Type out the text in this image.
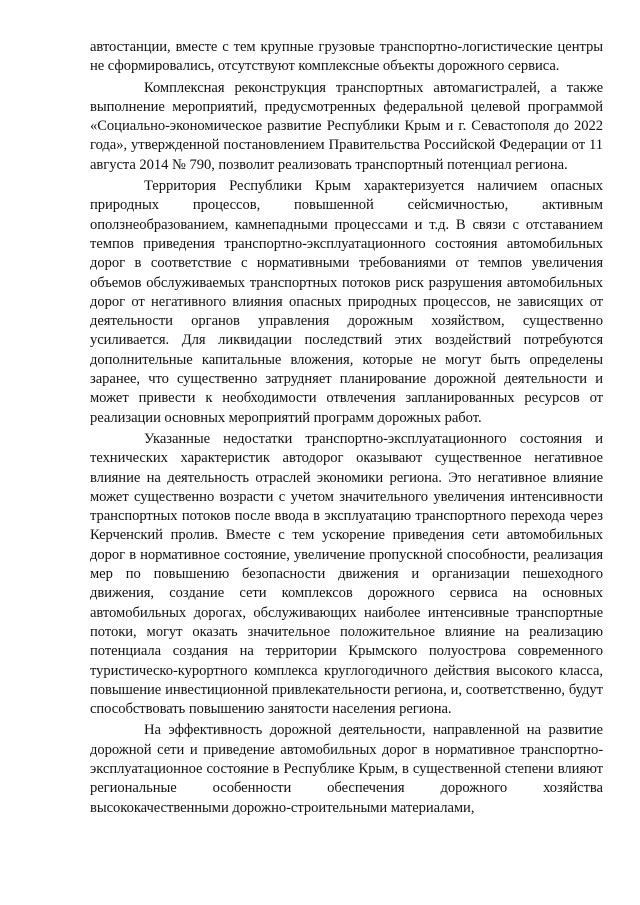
автостанции, вместе с тем крупные грузовые транспортно-логистические центры не сформировались, отсутствуют комплексные объекты дорожного сервиса.

Комплексная реконструкция транспортных автомагистралей, а также выполнение мероприятий, предусмотренных федеральной целевой программой «Социально-экономическое развитие Республики Крым и г. Севастополя до 2022 года», утвержденной постановлением Правительства Российской Федерации от 11 августа 2014 № 790, позволит реализовать транспортный потенциал региона.

Территория Республики Крым характеризуется наличием опасных природных процессов, повышенной сейсмичностью, активным оползнеобразованием, камнепадными процессами и т.д. В связи с отставанием темпов приведения транспортно-эксплуатационного состояния автомобильных дорог в соответствие с нормативными требованиями от темпов увеличения объемов обслуживаемых транспортных потоков риск разрушения автомобильных дорог от негативного влияния опасных природных процессов, не зависящих от деятельности органов управления дорожным хозяйством, существенно усиливается. Для ликвидации последствий этих воздействий потребуются дополнительные капитальные вложения, которые не могут быть определены заранее, что существенно затрудняет планирование дорожной деятельности и может привести к необходимости отвлечения запланированных ресурсов от реализации основных мероприятий программ дорожных работ.

Указанные недостатки транспортно-эксплуатационного состояния и технических характеристик автодорог оказывают существенное негативное влияние на деятельность отраслей экономики региона. Это негативное влияние может существенно возрасти с учетом значительного увеличения интенсивности транспортных потоков после ввода в эксплуатацию транспортного перехода через Керченский пролив. Вместе с тем ускорение приведения сети автомобильных дорог в нормативное состояние, увеличение пропускной способности, реализация мер по повышению безопасности движения и организации пешеходного движения, создание сети комплексов дорожного сервиса на основных автомобильных дорогах, обслуживающих наиболее интенсивные транспортные потоки, могут оказать значительное положительное влияние на реализацию потенциала создания на территории Крымского полуострова современного туристическо-курортного комплекса круглогодичного действия высокого класса, повышение инвестиционной привлекательности региона, и, соответственно, будут способствовать повышению занятости населения региона.

На эффективность дорожной деятельности, направленной на развитие дорожной сети и приведение автомобильных дорог в нормативное транспортно-эксплуатационное состояние в Республике Крым, в существенной степени влияют региональные особенности обеспечения дорожного хозяйства высококачественными дорожно-строительными материалами,
